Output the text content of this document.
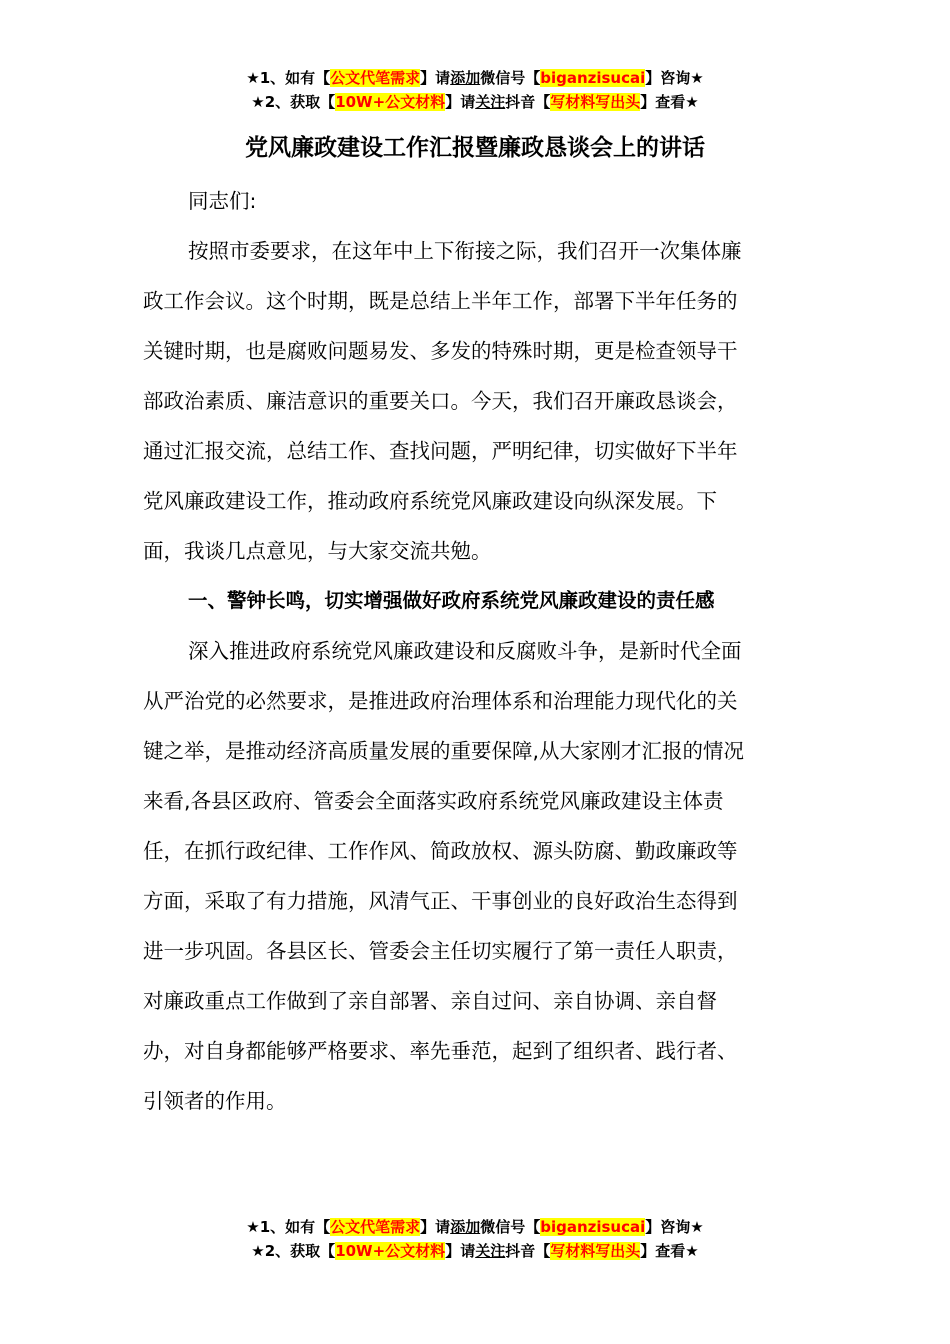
★1、如有【公文代笔需求】请添加微信号【biganzisucai】咨询★
★2、获取【10W+公文材料】请关注抖音【写材料写出头】查看★
党风廉政建设工作汇报暨廉政恳谈会上的讲话
同志们:
按照市委要求，在这年中上下衔接之际，我们召开一次集体廉
政工作会议。这个时期，既是总结上半年工作，部署下半年任务的
关键时期，也是腐败问题易发、多发的特殊时期，更是检查领导干
部政治素质、廉洁意识的重要关口。今天，我们召开廉政恳谈会，
通过汇报交流，总结工作、查找问题，严明纪律，切实做好下半年
党风廉政建设工作，推动政府系统党风廉政建设向纵深发展。下
面，我谈几点意见，与大家交流共勉。
一、警钟长鸣，切实增强做好政府系统党风廉政建设的责任感
深入推进政府系统党风廉政建设和反腐败斗争，是新时代全面
从严治党的必然要求，是推进政府治理体系和治理能力现代化的关
键之举，是推动经济高质量发展的重要保障,从大家刚才汇报的情况
来看,各县区政府、管委会全面落实政府系统党风廉政建设主体责
任，在抓行政纪律、工作作风、简政放权、源头防腐、勤政廉政等
方面，采取了有力措施，风清气正、干事创业的良好政治生态得到
进一步巩固。各县区长、管委会主任切实履行了第一责任人职责，
对廉政重点工作做到了亲自部署、亲自过问、亲自协调、亲自督
办，对自身都能够严格要求、率先垂范，起到了组织者、践行者、
引领者的作用。
★1、如有【公文代笔需求】请添加微信号【biganzisucai】咨询★
★2、获取【10W+公文材料】请关注抖音【写材料写出头】查看★
